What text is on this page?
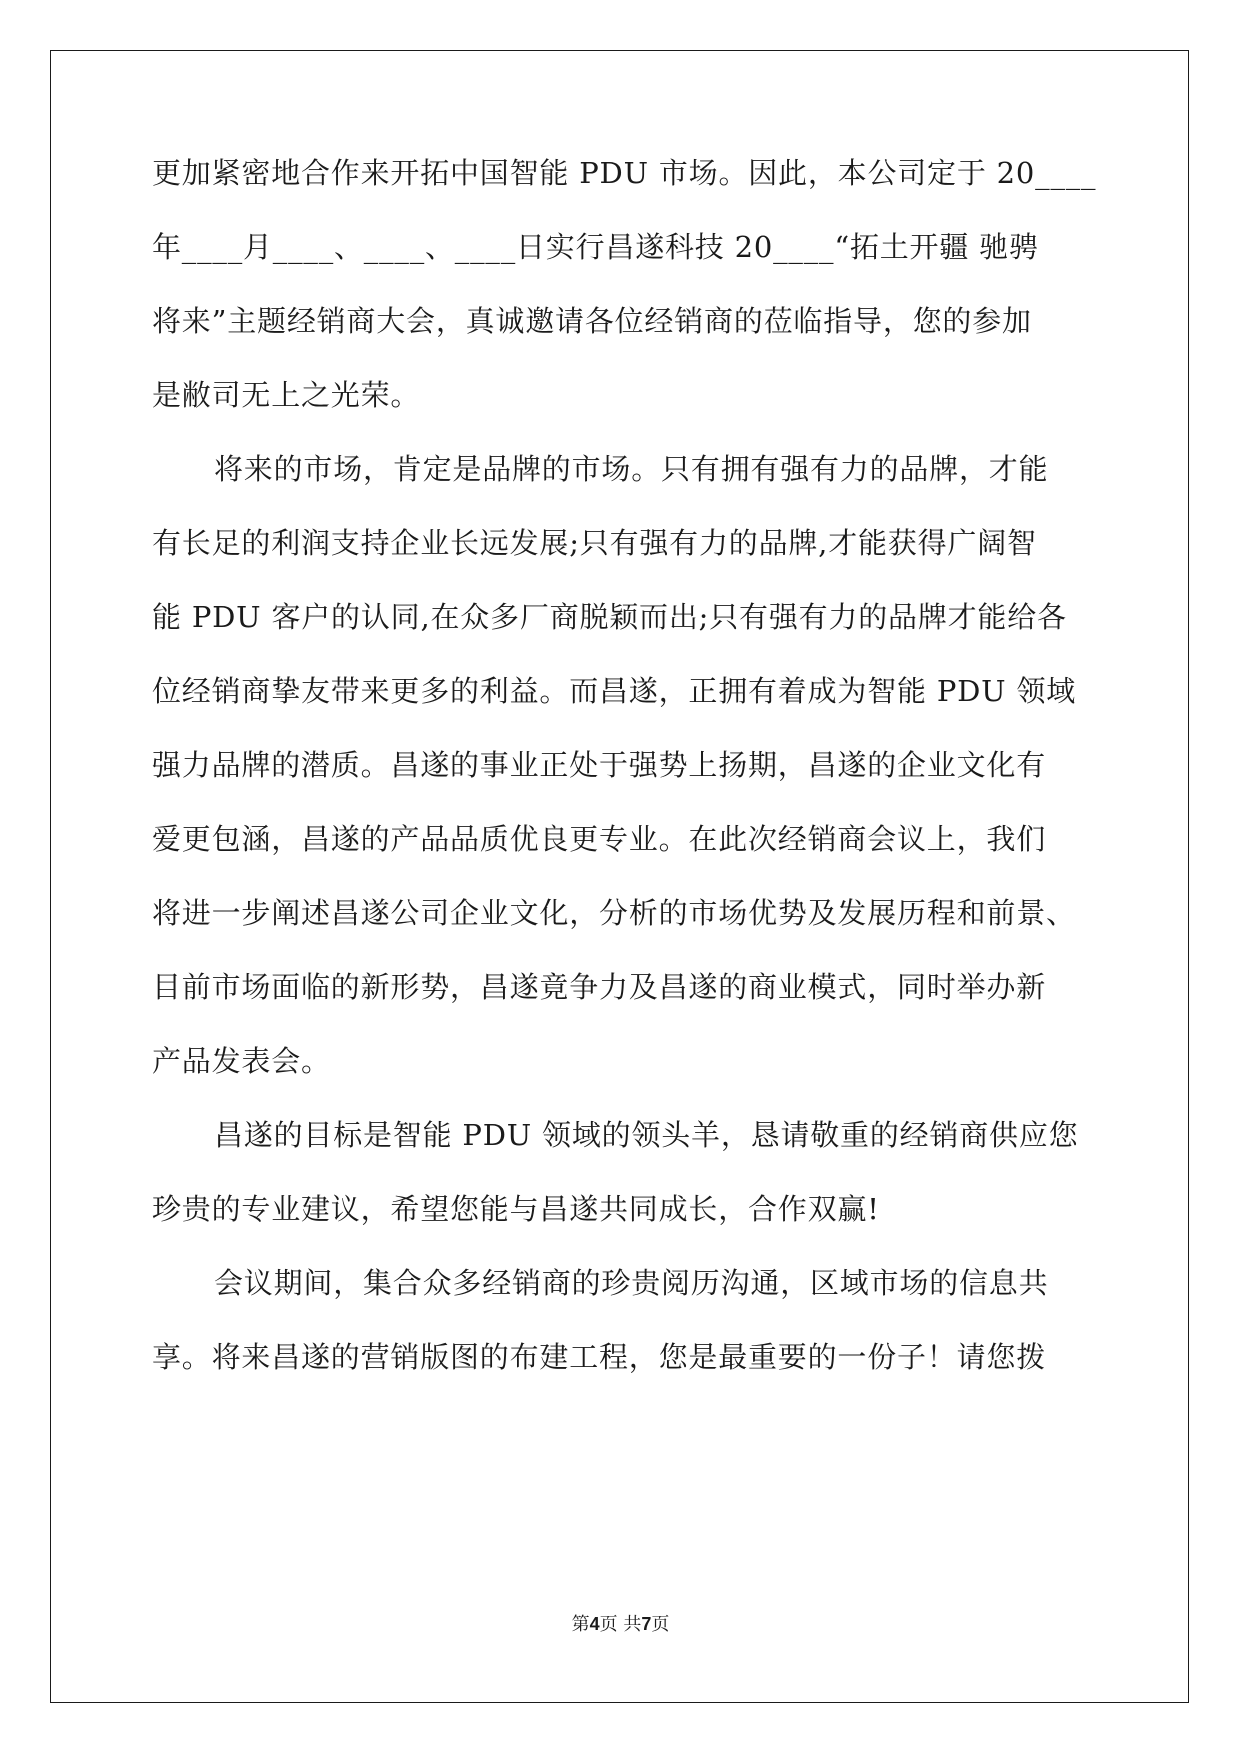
更加紧密地合作来开拓中国智能 PDU 市场。因此，本公司定于 20____
年____月____、____、____日实行昌遂科技 20____“拓土开疆 驰骋
将来”主题经销商大会，真诚邀请各位经销商的莅临指导，您的参加
是敝司无上之光荣。
将来的市场，肯定是品牌的市场。只有拥有强有力的品牌，才能
有长足的利润支持企业长远发展;只有强有力的品牌,才能获得广阔智
能 PDU 客户的认同,在众多厂商脱颖而出;只有强有力的品牌才能给各
位经销商挚友带来更多的利益。而昌遂，正拥有着成为智能 PDU 领域
强力品牌的潜质。昌遂的事业正处于强势上扬期，昌遂的企业文化有
爱更包涵，昌遂的产品品质优良更专业。在此次经销商会议上，我们
将进一步阐述昌遂公司企业文化，分析的市场优势及发展历程和前景、
目前市场面临的新形势，昌遂竟争力及昌遂的商业模式，同时举办新
产品发表会。
昌遂的目标是智能 PDU 领域的领头羊，恳请敬重的经销商供应您
珍贵的专业建议，希望您能与昌遂共同成长，合作双赢!
会议期间，集合众多经销商的珍贵阅历沟通，区域市场的信息共
享。将来昌遂的营销版图的布建工程，您是最重要的一份子！请您拨
第4页 共7页
